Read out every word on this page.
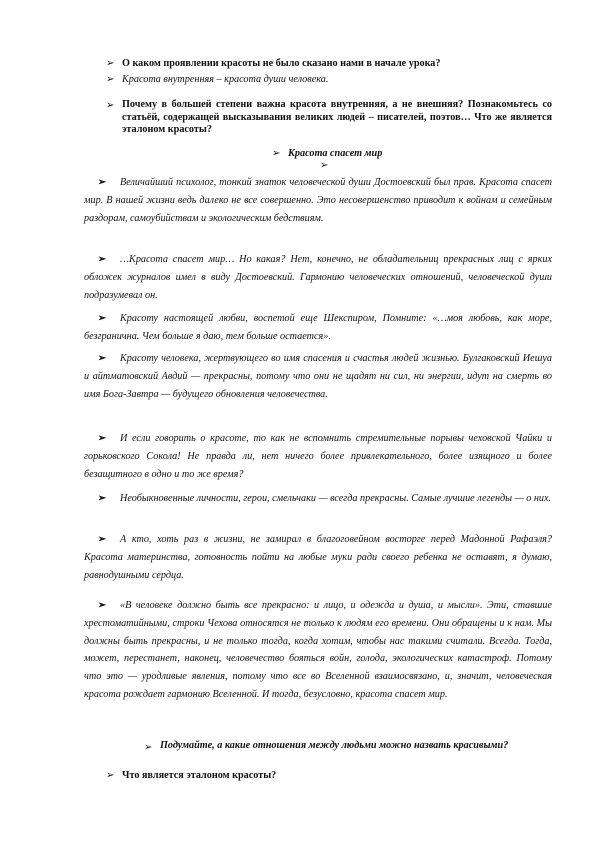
➢ О каком проявлении красоты не было сказано нами в начале урока?
➢ Красота внутренняя – красота души человека.
➢ Почему в большей степени важна красота внутренняя, а не внешняя? Познакомьтесь со статьёй, содержащей высказывания великих людей – писателей, поэтов… Что же является эталоном красоты?
➢ Красота спасет мир
➢
➢ Величайший психолог, тонкий знаток человеческой души Достоевский был прав. Красота спасет мир. В нашей жизни ведь далеко не все совершенно. Это несовершенство приводит к войнам и семейным раздорам, самоубийствам и экологическим бедствиям.
➢ …Красота спасет мир… Но какая? Нет, конечно, не обладательниц прекрасных лиц с ярких обложек журналов имел в виду Достоевский. Гармонию человеческих отношений, человеческой души подразумевал он.
➢ Красоту настоящей любви, воспетой еще Шекспиром, Помните: «…моя любовь, как море, безгранична. Чем больше я даю, тем больше остается».
➢ Красоту человека, жертвующего во имя спасения и счастья людей жизнью. Булгаковский Иешуа и айтматовский Авдий — прекрасны, потому что они не щадят ни сил, ни энергии, идут на смерть во имя Бога-Завтра — будущего обновления человечества.
➢ И если говорить о красоте, то как не вспомнить стремительные порывы чеховской Чайки и горьковского Сокола! Не правда ли, нет ничего более привлекательного, более изящного и более безащитного в одно и то же время?
➢ Необыкновенные личности, герои, смельчаки — всегда прекрасны. Самые лучшие легенды — о них.
➢ А кто, хоть раз в жизни, не замирал в благоговейном восторге перед Мадонной Рафаэля? Красота материнства, готовность пойти на любые муки ради своего ребенка не оставят, я думаю, равнодушными сердца.
➢ «В человеке должно быть все прекрасно: и лицо, и одежда и душа, и мысли». Эти, ставшие хрестоматийными, строки Чехова относятся не только к людям его времени. Они обращены и к нам. Мы должны быть прекрасны, и не только тогда, когда хотим, чтобы нас такими считали. Всегда. Тогда, может, перестанет, наконец, человечество бояться войн, голода, экологических катастроф. Потому что это — уродливые явления, потому что все во Вселенной взаимосвязано, и, значит, человеческая красота рождает гармонию Вселенной. И тогда, безусловно, красота спасет мир.
➢ Подумайте, а какие отношения между людьми можно назвать красивыми?
➢ Что является эталоном красоты?
